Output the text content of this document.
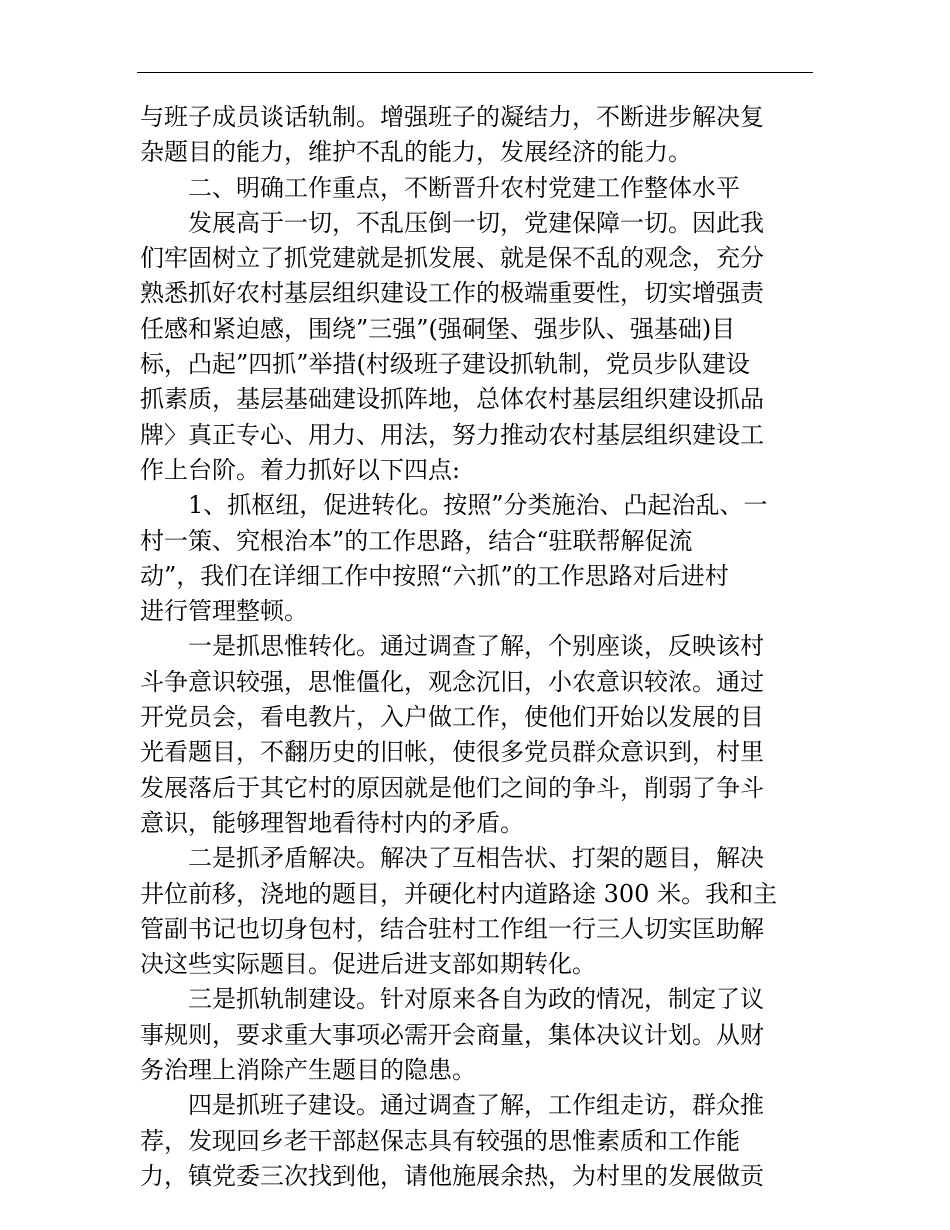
与班子成员谈话轨制。增强班子的凝结力，不断进步解决复
杂题目的能力，维护不乱的能力，发展经济的能力。
二、明确工作重点，不断晋升农村党建工作整体水平
发展高于一切，不乱压倒一切，党建保障一切。因此我
们牢固树立了抓党建就是抓发展、就是保不乱的观念，充分
熟悉抓好农村基层组织建设工作的极端重要性，切实增强责
任感和紧迫感，围绕”三强”(强硐堡、强步队、强基础)目
标，凸起”四抓”举措(村级班子建设抓轨制，党员步队建设
抓素质，基层基础建设抓阵地，总体农村基层组织建设抓品
牌〉真正专心、用力、用法，努力推动农村基层组织建设工
作上台阶。着力抓好以下四点:
1、抓枢纽，促进转化。按照”分类施治、凸起治乱、一
村一策、究根治本”的工作思路，结合“驻联帮解促流
动”，我们在详细工作中按照“六抓”的工作思路对后进村
进行管理整顿。
一是抓思惟转化。通过调查了解，个别座谈，反映该村
斗争意识较强，思惟僵化，观念沉旧，小农意识较浓。通过
开党员会，看电教片，入户做工作，使他们开始以发展的目
光看题目，不翻历史的旧帐，使很多党员群众意识到，村里
发展落后于其它村的原因就是他们之间的争斗，削弱了争斗
意识，能够理智地看待村内的矛盾。
二是抓矛盾解决。解决了互相告状、打架的题目，解决
井位前移，浇地的题目，并硬化村内道路途 300 米。我和主
管副书记也切身包村，结合驻村工作组一行三人切实匡助解
决这些实际题目。促进后进支部如期转化。
三是抓轨制建设。针对原来各自为政的情况，制定了议
事规则，要求重大事项必需开会商量，集体决议计划。从财
务治理上消除产生题目的隐患。
四是抓班子建设。通过调查了解，工作组走访，群众推
荐，发现回乡老干部赵保志具有较强的思惟素质和工作能
力，镇党委三次找到他，请他施展余热，为村里的发展做贡
